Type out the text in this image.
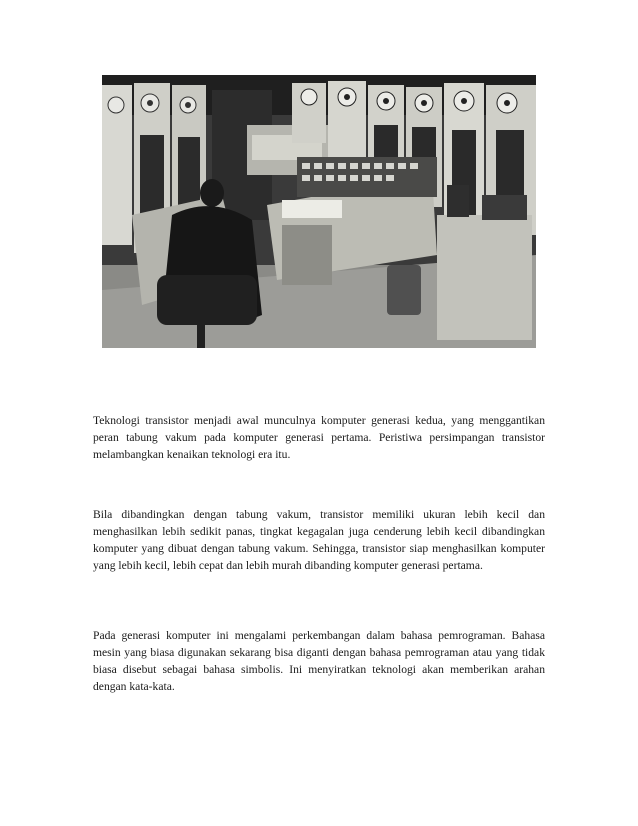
Teknologi transistor menjadi awal munculnya komputer generasi kedua, yang menggantikan peran tabung vakum pada komputer generasi pertama. Peristiwa persimpangan transistor melambangkan kenaikan teknologi era itu.

Bila dibandingkan dengan tabung vakum, transistor memiliki ukuran lebih kecil dan menghasilkan lebih sedikit panas, tingkat kegagalan juga cenderung lebih kecil dibandingkan komputer yang dibuat dengan tabung vakum. Sehingga, transistor siap menghasilkan komputer yang lebih kecil, lebih cepat dan lebih murah dibanding komputer generasi pertama.

Pada generasi komputer ini mengalami perkembangan dalam bahasa pemrograman. Bahasa mesin yang biasa digunakan sekarang bisa diganti dengan bahasa pemrograman atau yang tidak biasa disebut sebagai bahasa simbolis. Ini menyiratkan teknologi akan memberikan arahan dengan kata-kata.
